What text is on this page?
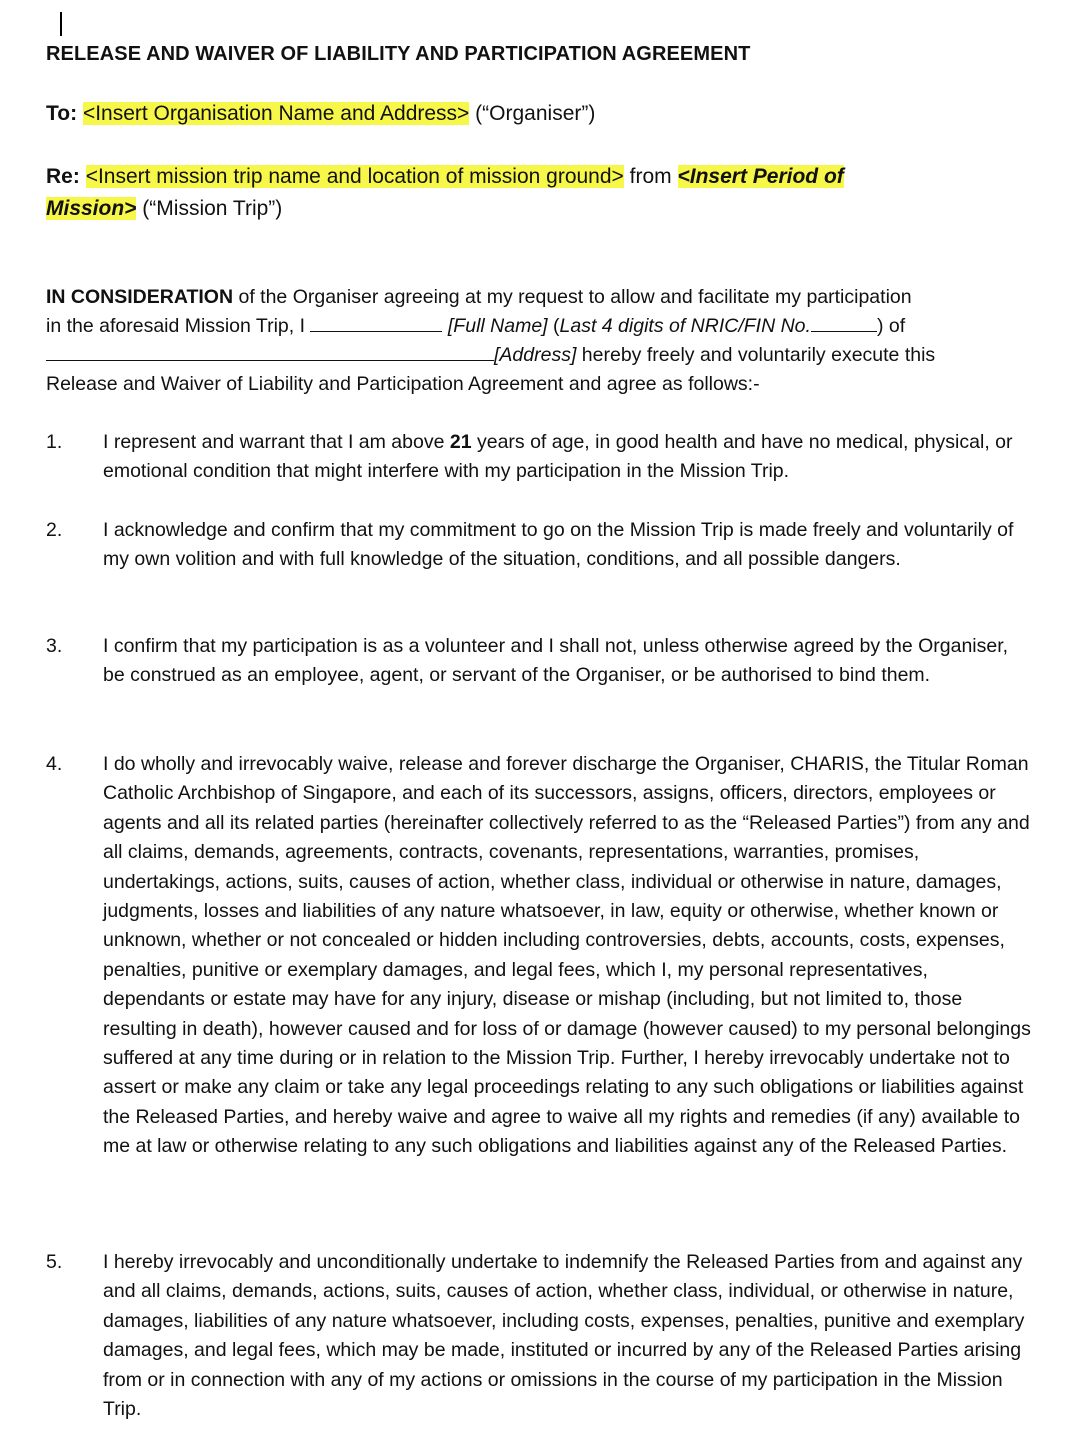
RELEASE AND WAIVER OF LIABILITY AND PARTICIPATION AGREEMENT
To: <Insert Organisation Name and Address> (“Organiser”)
Re: <Insert mission trip name and location of mission ground> from <Insert Period of
Mission> (“Mission Trip”)
IN CONSIDERATION of the Organiser agreeing at my request to allow and facilitate my participation
in the aforesaid Mission Trip, I	[Full Name] (Last 4 digits of NRIC/FIN No.	) of
[Address] hereby freely and voluntarily execute this
Release and Waiver of Liability and Participation Agreement and agree as follows:-
1. I represent and warrant that I am above 21 years of age, in good health and have no medical, physical, or emotional condition that might interfere with my participation in the Mission Trip.
2. I acknowledge and confirm that my commitment to go on the Mission Trip is made freely and voluntarily of my own volition and with full knowledge of the situation, conditions, and all possible dangers.
3. I confirm that my participation is as a volunteer and I shall not, unless otherwise agreed by the Organiser, be construed as an employee, agent, or servant of the Organiser, or be authorised to bind them.
4. I do wholly and irrevocably waive, release and forever discharge the Organiser, CHARIS, the Titular Roman Catholic Archbishop of Singapore, and each of its successors, assigns, officers, directors, employees or agents and all its related parties (hereinafter collectively referred to as the “Released Parties”) from any and all claims, demands, agreements, contracts, covenants, representations, warranties, promises, undertakings, actions, suits, causes of action, whether class, individual or otherwise in nature, damages, judgments, losses and liabilities of any nature whatsoever, in law, equity or otherwise, whether known or unknown, whether or not concealed or hidden including controversies, debts, accounts, costs, expenses, penalties, punitive or exemplary damages, and legal fees, which I, my personal representatives, dependants or estate may have for any injury, disease or mishap (including, but not limited to, those resulting in death), however caused and for loss of or damage (however caused) to my personal belongings suffered at any time during or in relation to the Mission Trip. Further, I hereby irrevocably undertake not to assert or make any claim or take any legal proceedings relating to any such obligations or liabilities against the Released Parties, and hereby waive and agree to waive all my rights and remedies (if any) available to me at law or otherwise relating to any such obligations and liabilities against any of the Released Parties.
5. I hereby irrevocably and unconditionally undertake to indemnify the Released Parties from and against any and all claims, demands, actions, suits, causes of action, whether class, individual, or otherwise in nature, damages, liabilities of any nature whatsoever, including costs, expenses, penalties, punitive and exemplary damages, and legal fees, which may be made, instituted or incurred by any of the Released Parties arising from or in connection with any of my actions or omissions in the course of my participation in the Mission Trip.
